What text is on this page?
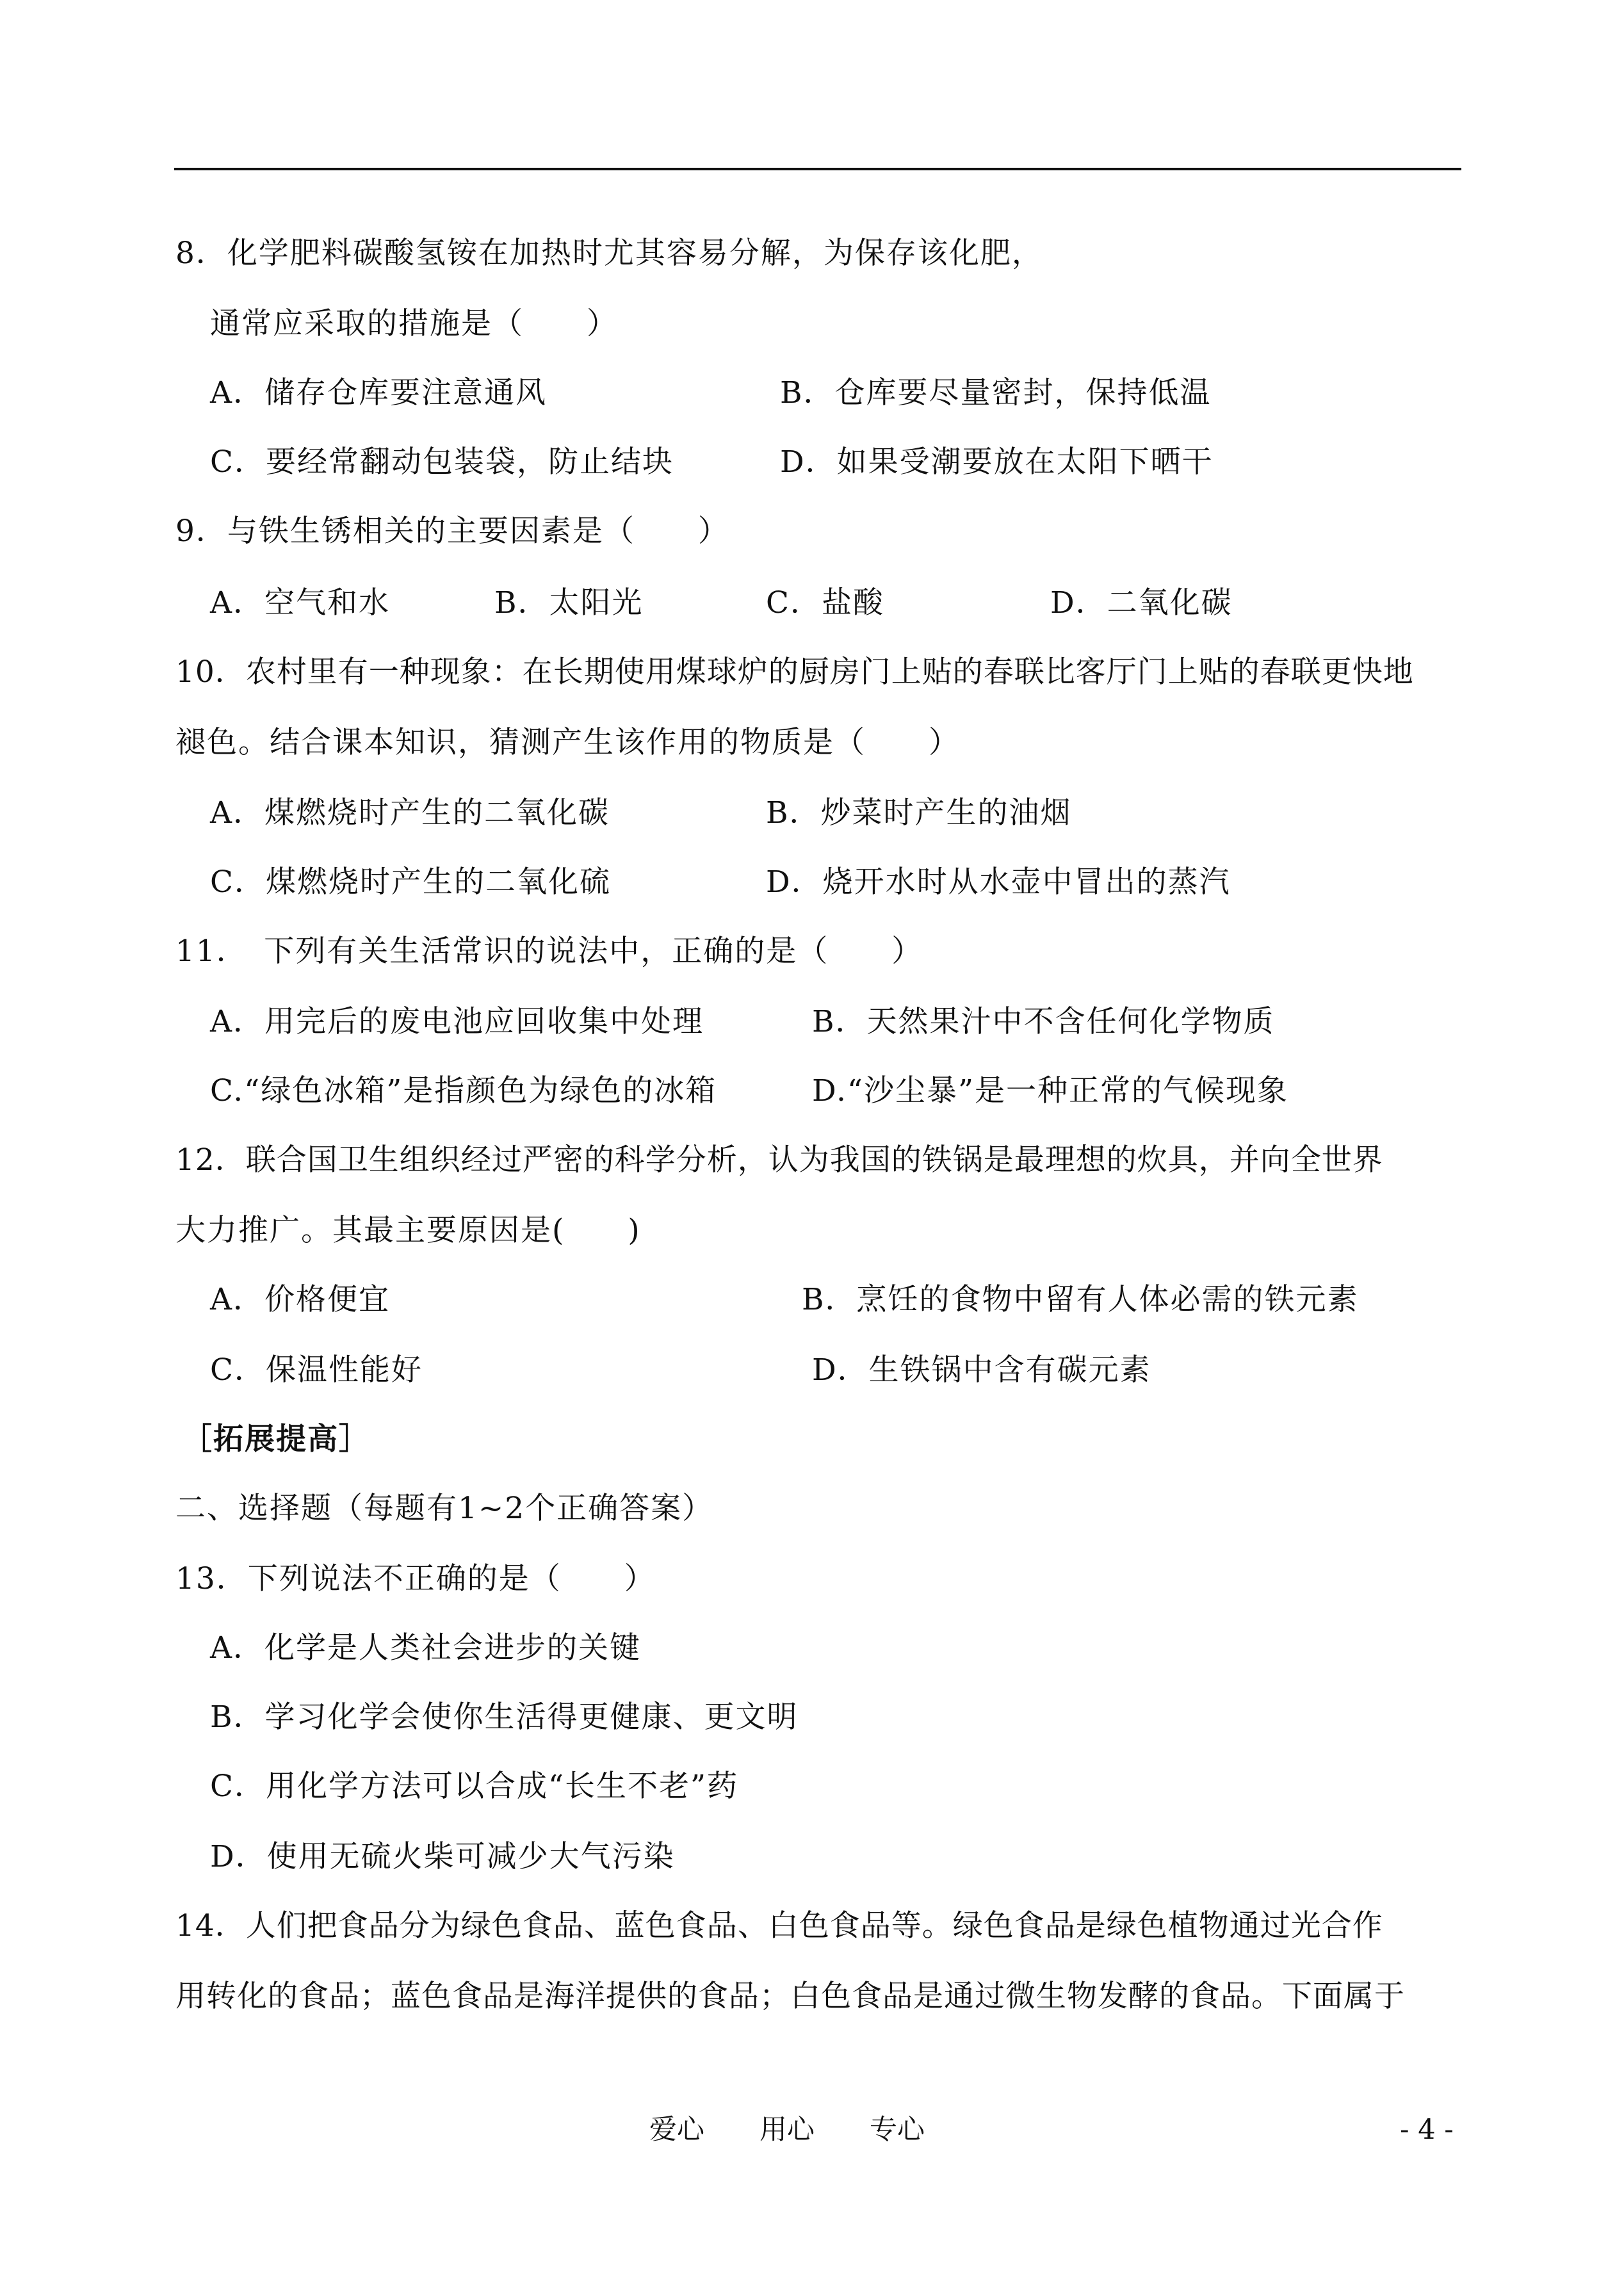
8．化学肥料碳酸氢铵在加热时尤其容易分解，为保存该化肥，
通常应采取的措施是（　　）
A．储存仓库要注意通风	B．仓库要尽量密封，保持低温
C．要经常翻动包装袋，防止结块	D．如果受潮要放在太阳下晒干
9．与铁生锈相关的主要因素是（　　）
A．空气和水	B．太阳光	C．盐酸	D．二氧化碳
10．农村里有一种现象：在长期使用煤球炉的厨房门上贴的春联比客厅门上贴的春联更快地
褪色。结合课本知识，猜测产生该作用的物质是（　　）
A．煤燃烧时产生的二氧化碳	B．炒菜时产生的油烟
C．煤燃烧时产生的二氧化硫	D．烧开水时从水壶中冒出的蒸汽
11．　下列有关生活常识的说法中，正确的是（　　）
A．用完后的废电池应回收集中处理	B．天然果汁中不含任何化学物质
C.“绿色冰箱”是指颜色为绿色的冰箱	D.“沙尘暴”是一种正常的气候现象
12．联合国卫生组织经过严密的科学分析，认为我国的铁锅是最理想的炊具，并向全世界
大力推广。其最主要原因是(　　)
A．价格便宜	B．烹饪的食物中留有人体必需的铁元素
C．保温性能好	D．生铁锅中含有碳元素
［拓展提高］
二、选择题（每题有1~2个正确答案）
13．下列说法不正确的是（　　）
A．化学是人类社会进步的关键
B．学习化学会使你生活得更健康、更文明
C．用化学方法可以合成“长生不老”药
D．使用无硫火柴可减少大气污染
14．人们把食品分为绿色食品、蓝色食品、白色食品等。绿色食品是绿色植物通过光合作
用转化的食品；蓝色食品是海洋提供的食品；白色食品是通过微生物发酵的食品。下面属于
爱心　　用心　　专心	- 4 -
